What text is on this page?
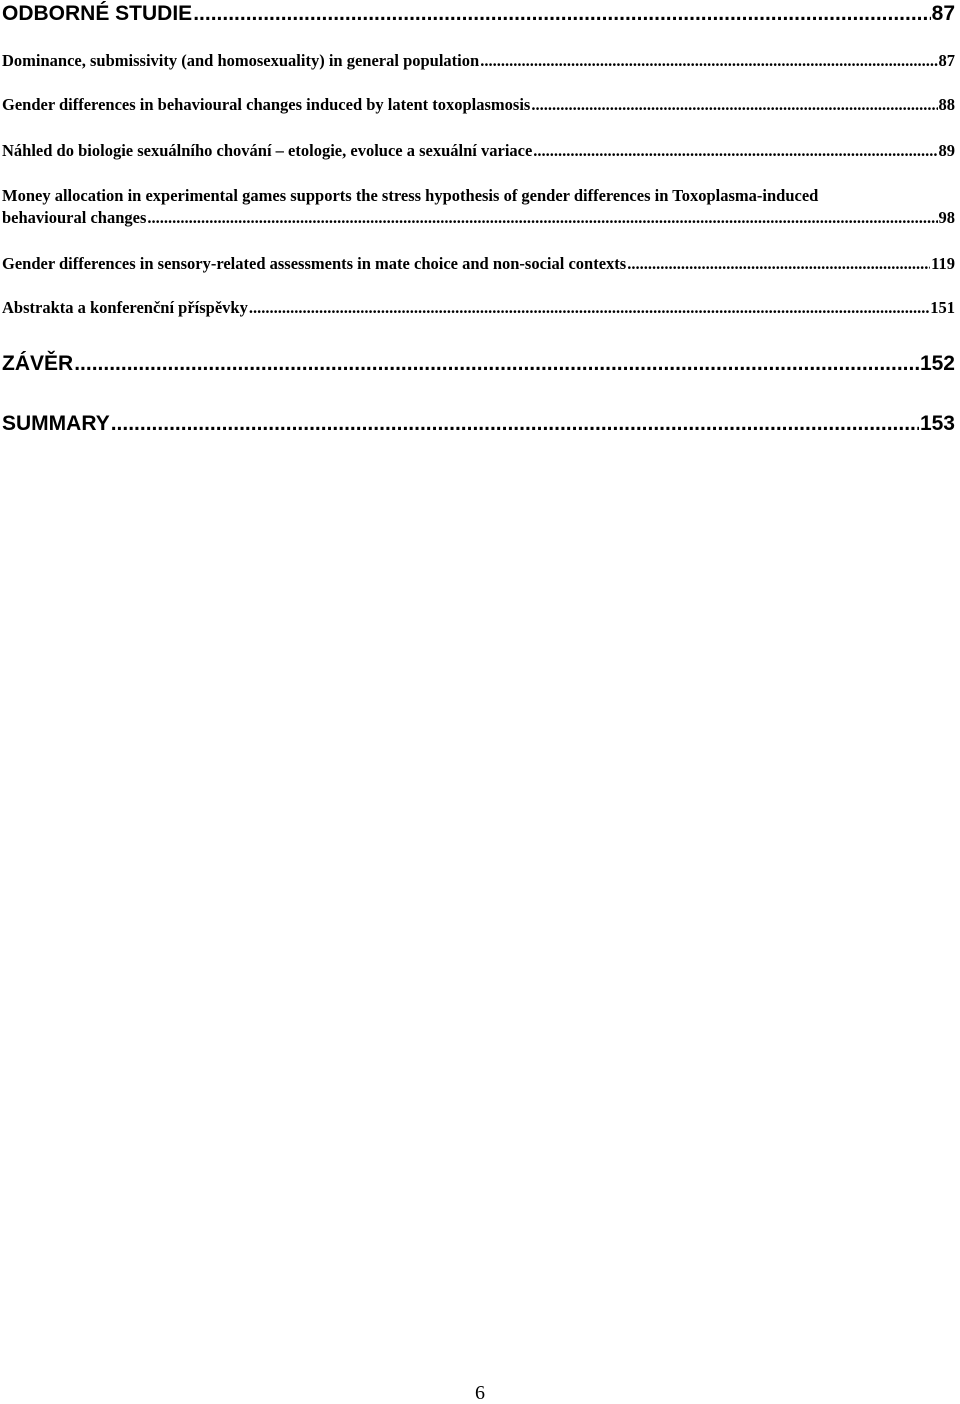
ODBORNÉ STUDIE .....	87
Dominance, submissivity (and homosexuality) in general population .....	87
Gender differences in behavioural changes induced by latent toxoplasmosis .....	88
Náhled do biologie sexuálního chování – etologie, evoluce a sexuální variace .....	89
Money allocation in experimental games supports the stress hypothesis of gender differences in Toxoplasma-induced
behavioural changes .....	98
Gender differences in sensory-related assessments in mate choice and non-social contexts .....	119
Abstrakta a konferenční příspěvky .....	151
ZÁVĚR .....	152
SUMMARY .....	153
6
